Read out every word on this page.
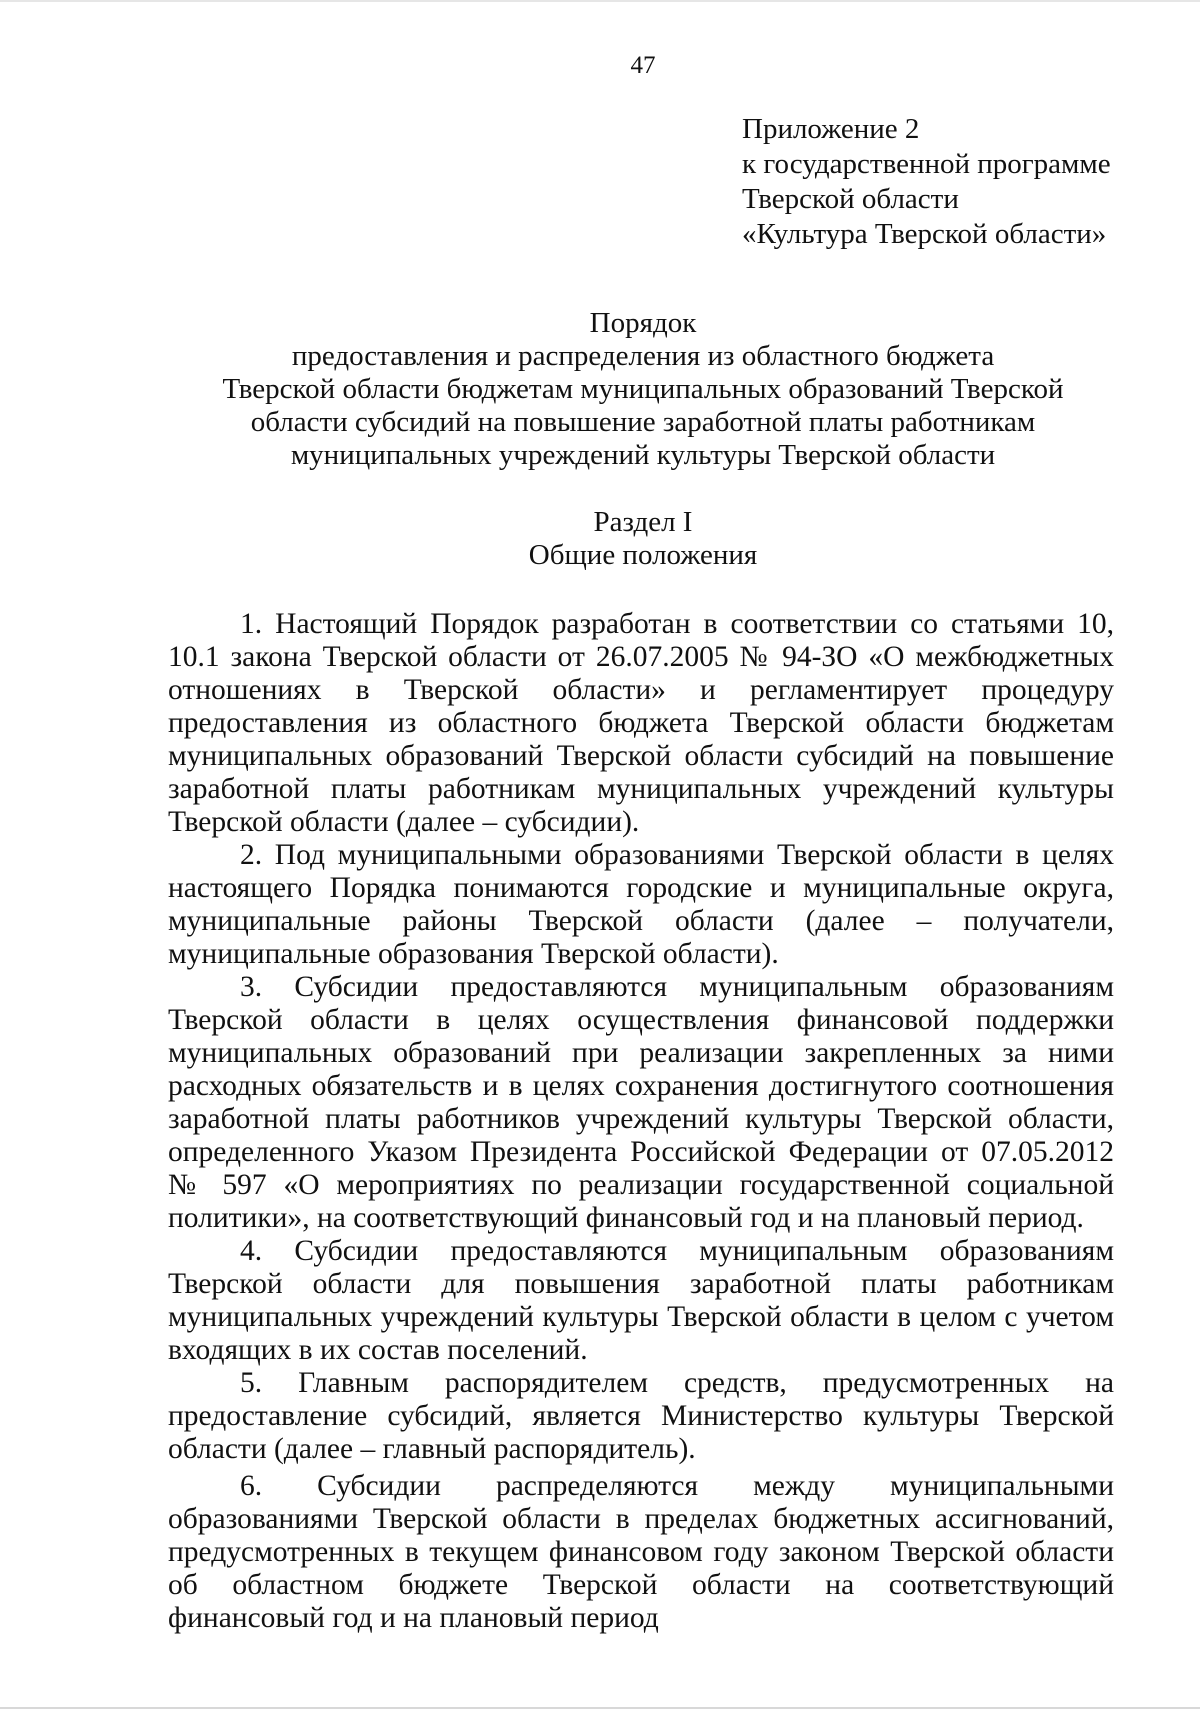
47
Приложение 2
к государственной программе
Тверской области
«Культура Тверской области»
Порядок
предоставления и распределения из областного бюджета
Тверской области бюджетам муниципальных образований Тверской
области субсидий на повышение заработной платы работникам
муниципальных учреждений культуры Тверской области
Раздел I
Общие положения

1. Настоящий Порядок разработан в соответствии со статьями 10, 10.1 закона Тверской области от 26.07.2005 № 94-ЗО «О межбюджетных отношениях в Тверской области» и регламентирует процедуру предоставления из областного бюджета Тверской области бюджетам муниципальных образований Тверской области субсидий на повышение заработной платы работникам муниципальных учреждений культуры Тверской области (далее – субсидии).

2. Под муниципальными образованиями Тверской области в целях настоящего Порядка понимаются городские и муниципальные округа, муниципальные районы Тверской области (далее – получатели, муниципальные образования Тверской области).

3. Субсидии предоставляются муниципальным образованиям Тверской области в целях осуществления финансовой поддержки муниципальных образований при реализации закрепленных за ними расходных обязательств и в целях сохранения достигнутого соотношения заработной платы работников учреждений культуры Тверской области, определенного Указом Президента Российской Федерации от 07.05.2012 № 597 «О мероприятиях по реализации государственной социальной политики», на соответствующий финансовый год и на плановый период.

4. Субсидии предоставляются муниципальным образованиям Тверской области для повышения заработной платы работникам муниципальных учреждений культуры Тверской области в целом с учетом входящих в их состав поселений.

5. Главным распорядителем средств, предусмотренных на предоставление субсидий, является Министерство культуры Тверской области (далее – главный распорядитель).

6. Субсидии распределяются между муниципальными образованиями Тверской области в пределах бюджетных ассигнований, предусмотренных в текущем финансовом году законом Тверской области об областном бюджете Тверской области на соответствующий финансовый год и на плановый период
